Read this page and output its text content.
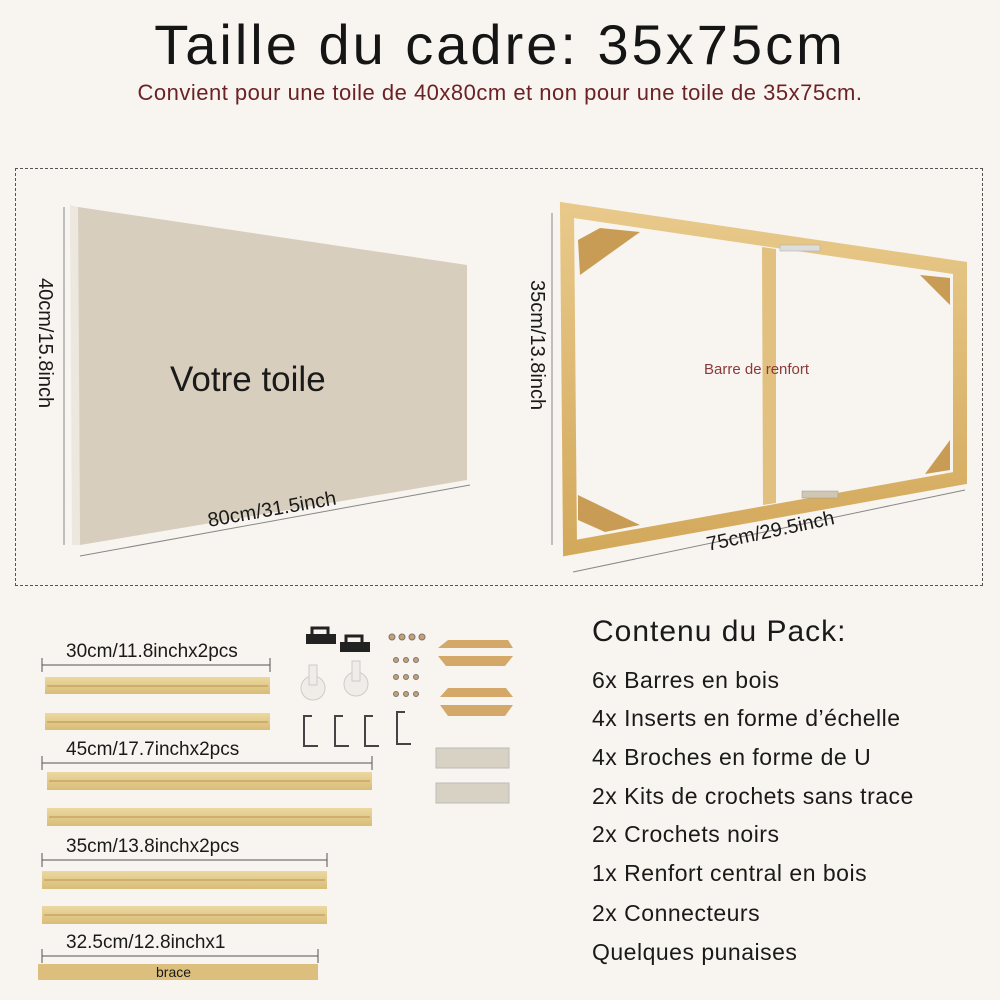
Taille du cadre: 35x75cm
Convient pour une toile de 40x80cm et non pour une toile de 35x75cm.
Votre toile
40cm/15.8inch
80cm/31.5inch
Barre de renfort
35cm/13.8inch
75cm/29.5inch
30cm/11.8inchx2pcs
45cm/17.7inchx2pcs
35cm/13.8inchx2pcs
32.5cm/12.8inchx1
brace
Contenu du Pack:
6x Barres en bois
4x Inserts en forme d’échelle
4x Broches en forme de U
2x Kits de crochets sans trace
2x Crochets noirs
1x Renfort central en bois
2x Connecteurs
Quelques punaises
